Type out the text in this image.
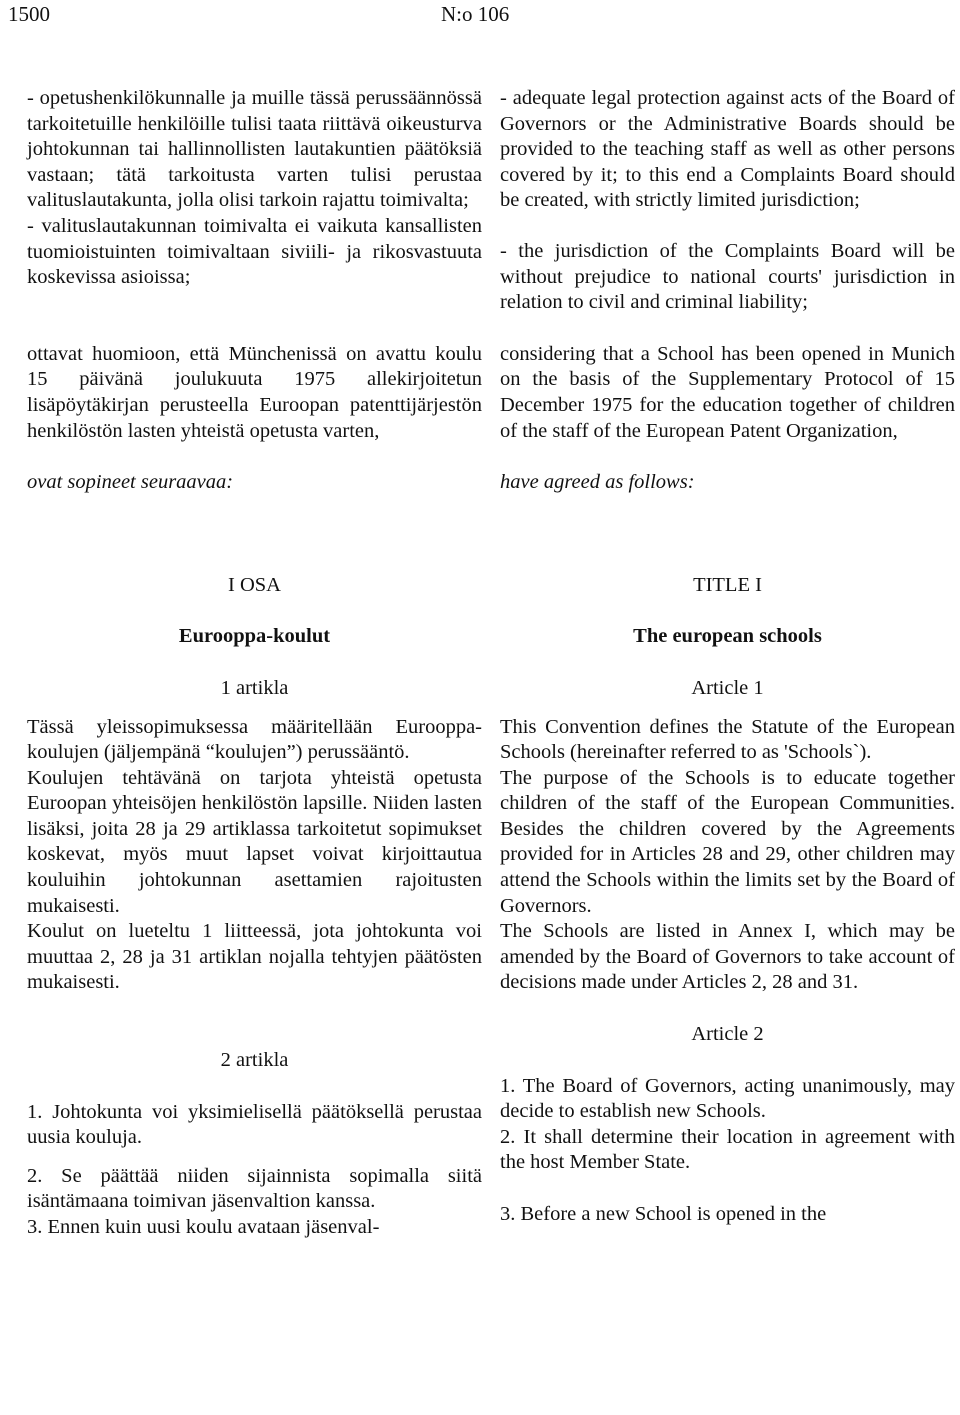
1500	N:o 106

- opetushenkilökunnalle ja muille tässä perussäännössä tarkoitetuille henkilöille tulisi taata riittävä oikeusturva johtokunnan tai hallinnollisten lautakuntien päätöksiä vastaan; tätä tarkoitusta varten tulisi perustaa valituslautakunta, jolla olisi tarkoin rajattu toimivalta;

- valituslautakunnan toimivalta ei vaikuta kansallisten tuomioistuinten toimivaltaan siviili- ja rikosvastuuta koskevissa asioissa;

ottavat huomioon, että Münchenissä on avattu koulu 15 päivänä joulukuuta 1975 allekirjoitetun lisäpöytäkirjan perusteella Euroopan patenttijärjestön henkilöstön lasten yhteistä opetusta varten,

ovat sopineet seuraavaa:

I OSA

Eurooppa-koulut

1 artikla

Tässä yleissopimuksessa määritellään Eurooppa-koulujen (jäljempänä “koulujen”) perussääntö.

Koulujen tehtävänä on tarjota yhteistä opetusta Euroopan yhteisöjen henkilöstön lapsille. Niiden lasten lisäksi, joita 28 ja 29 artiklassa tarkoitetut sopimukset koskevat, myös muut lapset voivat kirjoittautua kouluihin johtokunnan asettamien rajoitusten mukaisesti.

Koulut on lueteltu 1 liitteessä, jota johtokunta voi muuttaa 2, 28 ja 31 artiklan nojalla tehtyjen päätösten mukaisesti.

2 artikla

1. Johtokunta voi yksimielisellä päätöksellä perustaa uusia kouluja.

2. Se päättää niiden sijainnista sopimalla siitä isäntämaana toimivan jäsenvaltion kanssa.

3. Ennen kuin uusi koulu avataan jäsenval-

- adequate legal protection against acts of the Board of Governors or the Administrative Boards should be provided to the teaching staff as well as other persons covered by it; to this end a Complaints Board should be created, with strictly limited jurisdiction;

- the jurisdiction of the Complaints Board will be without prejudice to national courts' jurisdiction in relation to civil and criminal liability;

considering that a School has been opened in Munich on the basis of the Supplementary Protocol of 15 December 1975 for the education together of children of the staff of the European Patent Organization,

have agreed as follows:

TITLE I

The european schools

Article 1

This Convention defines the Statute of the European Schools (hereinafter referred to as 'Schools`).

The purpose of the Schools is to educate together children of the staff of the European Communities. Besides the children covered by the Agreements provided for in Articles 28 and 29, other children may attend the Schools within the limits set by the Board of Governors.

The Schools are listed in Annex I, which may be amended by the Board of Governors to take account of decisions made under Articles 2, 28 and 31.

Article 2

1. The Board of Governors, acting unanimously, may decide to establish new Schools.

2. It shall determine their location in agreement with the host Member State.

3. Before a new School is opened in the
